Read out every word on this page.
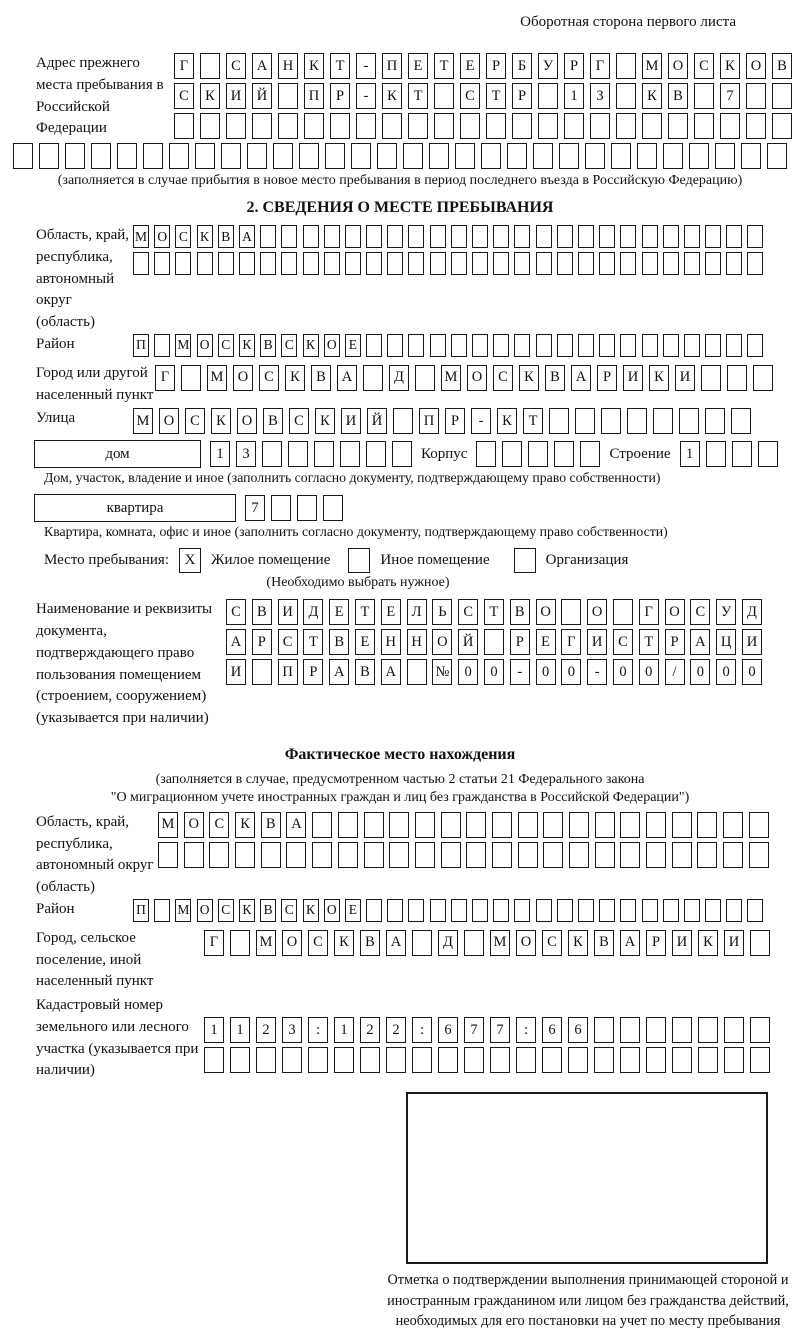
Оборотная сторона первого листа
Адрес прежнего места пребывания в Российской Федерации
Г	С	А	Н	К	Т	-	П	Е	Т	Е	Р	Б	У	Р	Г	М О	С	К	О	В
С	К	И	Й	П	Р	-	К	Т	С	Т	Р	1	3	К	В	7
(заполняется в случае прибытия в новое место пребывания в период последнего въезда в Российскую Федерацию)
2. СВЕДЕНИЯ О МЕСТЕ ПРЕБЫВАНИЯ
Область, край, республика, автономный округ (область)
М О С К В А
Район	П М О С К В С К О Е
Город или другой населенный пункт
Г	М О	С	К	В	А	Д	М О	С	К	В	А	Р	И	К	И
Улица	М О	С	К	О	В	С	К	И	Й	П	Р	-	К	Т
дом	1	3	Корпус	Строение	1
Дом, участок, владение и иное (заполнить согласно документу, подтверждающему право собственности)
квартира	7
Квартира, комната, офис и иное (заполнить согласно документу, подтверждающему право собственности)
Место пребывания:	X	Жилое помещение	Иное помещение	Организация
(Необходимо выбрать нужное)
Наименование и реквизиты документа, подтверждающего право пользования помещением (строением, сооружением) (указывается при наличии)
С	В	И	Д	Е	Т	Е	Л	Ь	С	Т	В	О	О	Г	О	С	У	Д
А	Р	С	Т	В	Е	Н	Н	О	Й	Р	Е	Г	И	С	Т	Р	А	Ц	И
И	П	Р	А	В	А	№	0	0	-	0	0	-	0	0	/	0	0	0
Фактическое место нахождения
(заполняется в случае, предусмотренном частью 2 статьи 21 Федерального закона
"О миграционном учете иностранных граждан и лиц без гражданства в Российской Федерации")
Область, край, республика, автономный округ (область)
М О	С	К	В	А
Район	П М О С К В С К О Е
Город, сельское поселение, иной населенный пункт
Г	М О	С	К	В	А	Д	М О	С	К	В	А	Р	И	К	И
Кадастровый номер земельного или лесного участка (указывается при наличии)
1	1	2	3	:	1	2	2	:	6	7	7	:	6	6
Отметка о подтверждении выполнения принимающей стороной и иностранным гражданином или лицом без гражданства действий, необходимых для его постановки на учет по месту пребывания
